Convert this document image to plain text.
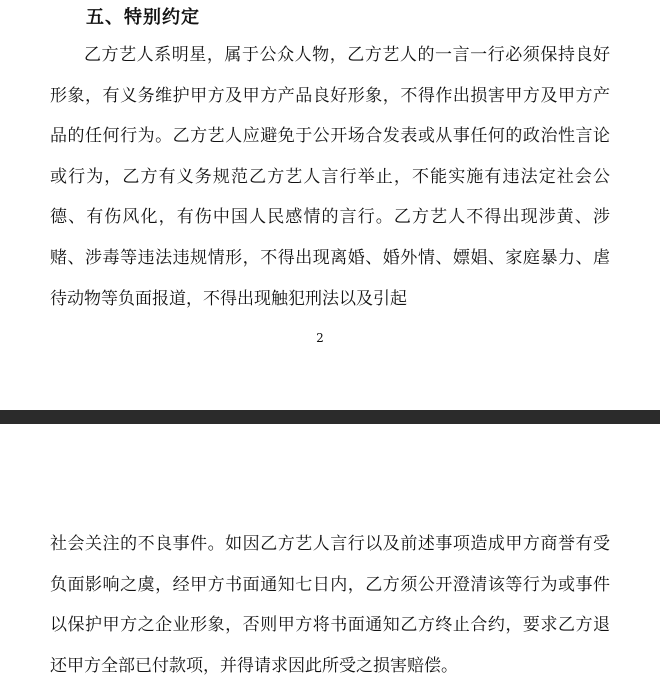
五、特别约定

乙方艺人系明星，属于公众人物，乙方艺人的一言一行必须保持良好形象，有义务维护甲方及甲方产品良好形象，不得作出损害甲方及甲方产品的任何行为。乙方艺人应避免于公开场合发表或从事任何的政治性言论或行为，乙方有义务规范乙方艺人言行举止，不能实施有违法定社会公德、有伤风化，有伤中国人民感情的言行。乙方艺人不得出现涉黄、涉赌、涉毒等违法违规情形，不得出现离婚、婚外情、嫖娼、家庭暴力、虐待动物等负面报道，不得出现触犯刑法以及引起

2

社会关注的不良事件。如因乙方艺人言行以及前述事项造成甲方商誉有受负面影响之虞，经甲方书面通知七日内，乙方须公开澄清该等行为或事件以保护甲方之企业形象，否则甲方将书面通知乙方终止合约，要求乙方退还甲方全部已付款项，并得请求因此所受之损害赔偿。
